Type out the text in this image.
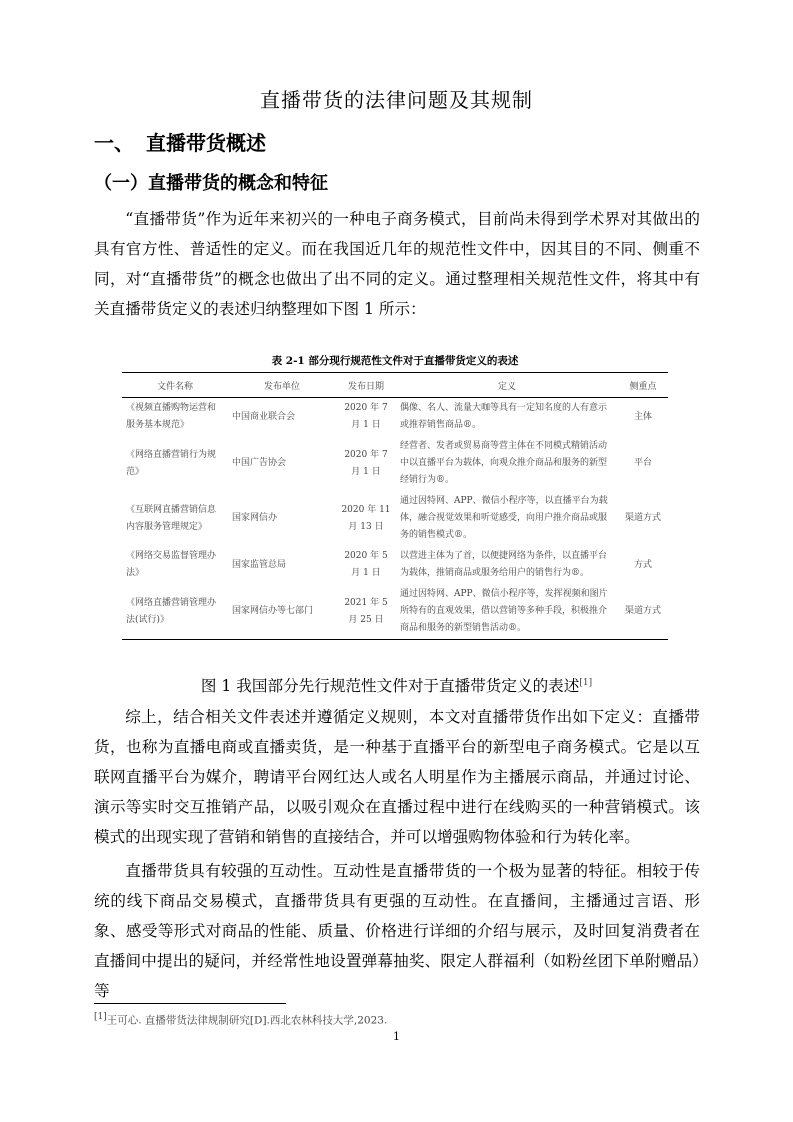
直播带货的法律问题及其规制
一、 直播带货概述
（一）直播带货的概念和特征

“直播带货”作为近年来初兴的一种电子商务模式，目前尚未得到学术界对其做出的具有官方性、普适性的定义。而在我国近几年的规范性文件中，因其目的不同、侧重不同，对“直播带货”的概念也做出了出不同的定义。通过整理相关规范性文件，将其中有关直播带货定义的表述归纳整理如下图 1 所示：

表 2-1 部分现行规范性文件对于直播带货定义的表述
文件名称	发布单位	发布日期	定义	侧重点
《视频直播购物运营和服务基本规范》	中国商业联合会	2020 年 7 月 1 日	偶像、名人、流量大咖等具有一定知名度的人有意示或推荐销售商品®。	主体
《网络直播营销行为规范》	中国广告协会	2020 年 7 月 1 日	经营者、发者或贸易商等营主体在不同模式精销活动中以直播平台为载体，向观众推介商品和服务的新型经销行为®。	平台
《互联网直播营销信息内容服务管理规定》	国家网信办	2020 年 11 月 13 日	通过因特网、APP、微信小程序等，以直播平台为载体，融合视觉效果和听觉感受，向用户推介商品或服务的销售模式®。	渠道方式
《网络交易监督管理办法》	国家监管总局	2020 年 5 月 1 日	以营进主体为了首，以便捷网络为条件，以直播平台为载体，推销商品或服务给用户的销售行为®。	方式
《网络直播营销管理办法(试行)》	国家网信办等七部门	2021 年 5 月 25 日	通过因特网、APP、微信小程序等，发挥视频和图片所特有的直观效果，借以营销等多种手段，积极推介商品和服务的新型销售活动®。	渠道方式
图 1 我国部分先行规范性文件对于直播带货定义的表述[1]

综上，结合相关文件表述并遵循定义规则，本文对直播带货作出如下定义：直播带货，也称为直播电商或直播卖货，是一种基于直播平台的新型电子商务模式。它是以互联网直播平台为媒介，聘请平台网红达人或名人明星作为主播展示商品，并通过讨论、演示等实时交互推销产品，以吸引观众在直播过程中进行在线购买的一种营销模式。该模式的出现实现了营销和销售的直接结合，并可以增强购物体验和行为转化率。

直播带货具有较强的互动性。互动性是直播带货的一个极为显著的特征。相较于传统的线下商品交易模式，直播带货具有更强的互动性。在直播间，主播通过言语、形象、感受等形式对商品的性能、质量、价格进行详细的介绍与展示，及时回复消费者在直播间中提出的疑问，并经常性地设置弹幕抽奖、限定人群福利（如粉丝团下单附赠品）等

[1]王可心. 直播带货法律规制研究[D].西北农林科技大学,2023.
1
